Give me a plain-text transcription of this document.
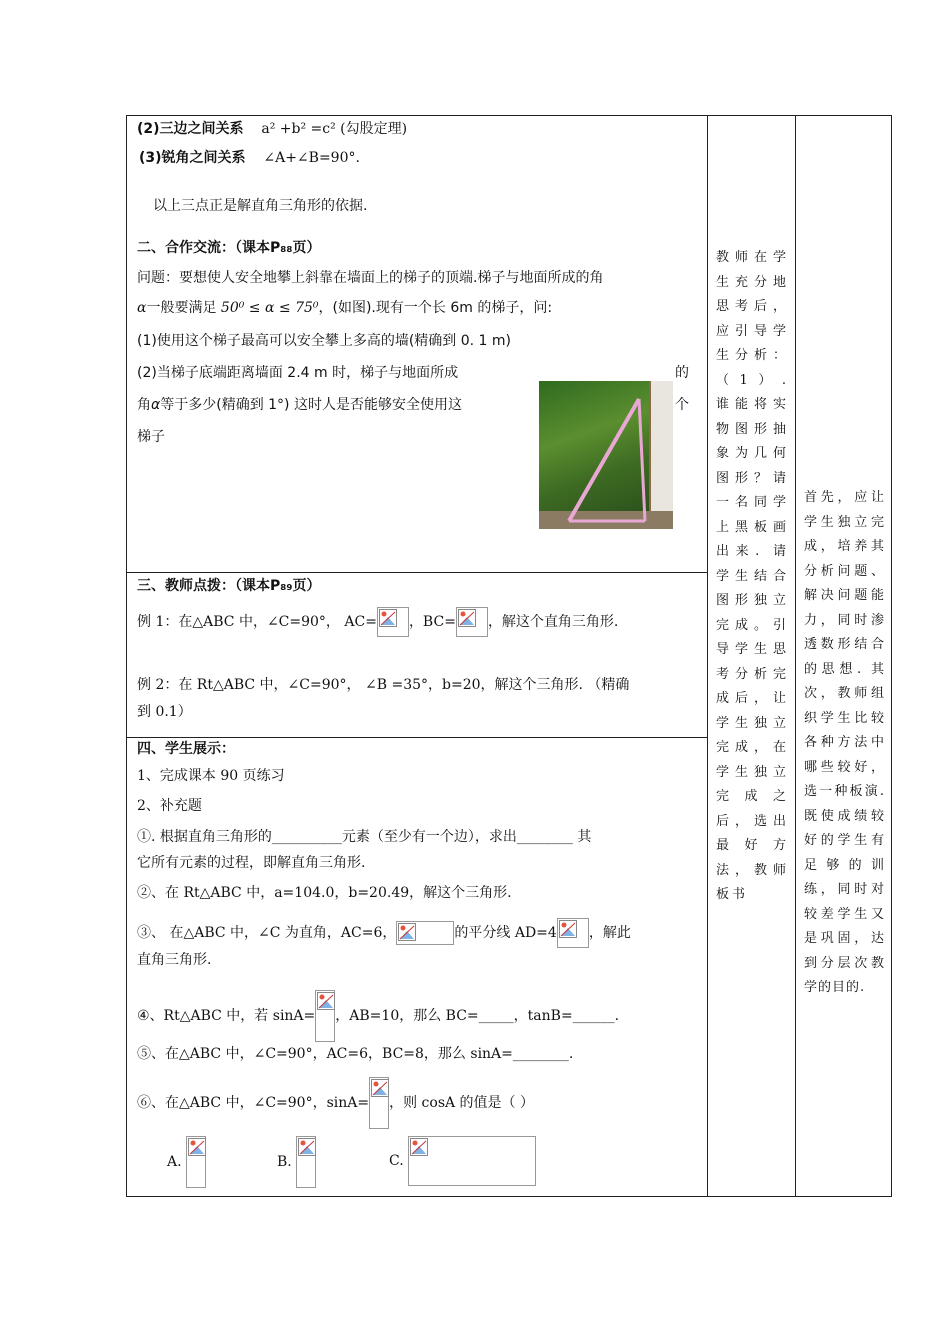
(2)三边之间关系 a² +b² =c² (勾股定理)
(3)锐角之间关系 ∠A+∠B=90°.
以上三点正是解直角三角形的依据.
二、合作交流：（课本P₈₈页）
问题：要想使人安全地攀上斜靠在墙面上的梯子的顶端.梯子与地面所成的角
α一般要满足 50⁰ ≤ α ≤ 75⁰，(如图).现有一个长 6m 的梯子，问:
(1)使用这个梯子最高可以安全攀上多高的墙(精确到 0. 1 m)
(2)当梯子底端距离墙面 2.4 m 时，梯子与地面所成	的
角α等于多少(精确到 1°) 这时人是否能够安全使用这	个
梯子

教师在学生充分地思考后，应引导学生分析：（1）. 谁能将实物图形抽象为几何图形？请一名同学上黑板画出来. 请学生结合图形独立完成。引导学生思考分析完成后，让学生独立完成，在学生独立完成之后，选出最好方法，教师板书

首先，应让学生独立完成，培养其分析问题、解决问题能力，同时渗透数形结合的思想. 其次，教师组织学生比较各种方法中哪些较好，选一种板演. 既使成绩较好的学生有足够的训练，同时对较差学生又是巩固，达到分层次教学的目的.

三、教师点拨：（课本P₈₉页）
例 1：在△ABC 中，∠C=90°， AC= ，BC= ，解这个直角三角形.
例 2：在 Rt△ABC 中，∠C=90°， ∠B =35°，b=20，解这个三角形. （精确
到 0.1）

四、学生展示：
1、完成课本 90 页练习
2、补充题
①. 根据直角三角形的__________元素（至少有一个边），求出________ 其
它所有元素的过程，即解直角三角形.
②、在 Rt△ABC 中，a=104.0，b=20.49，解这个三角形.
③、 在△ABC 中，∠C 为直角，AC=6，	的平分线 AD=4 ，解此
直角三角形.
④、Rt△ABC 中，若 sinA= ，AB=10，那么 BC=_____，tanB=______.
⑤、在△ABC 中，∠C=90°，AC=6，BC=8，那么 sinA=________.
⑥、在△ABC 中，∠C=90°，sinA= ，则 cosA 的值是（ ）
A.	B.	C.
